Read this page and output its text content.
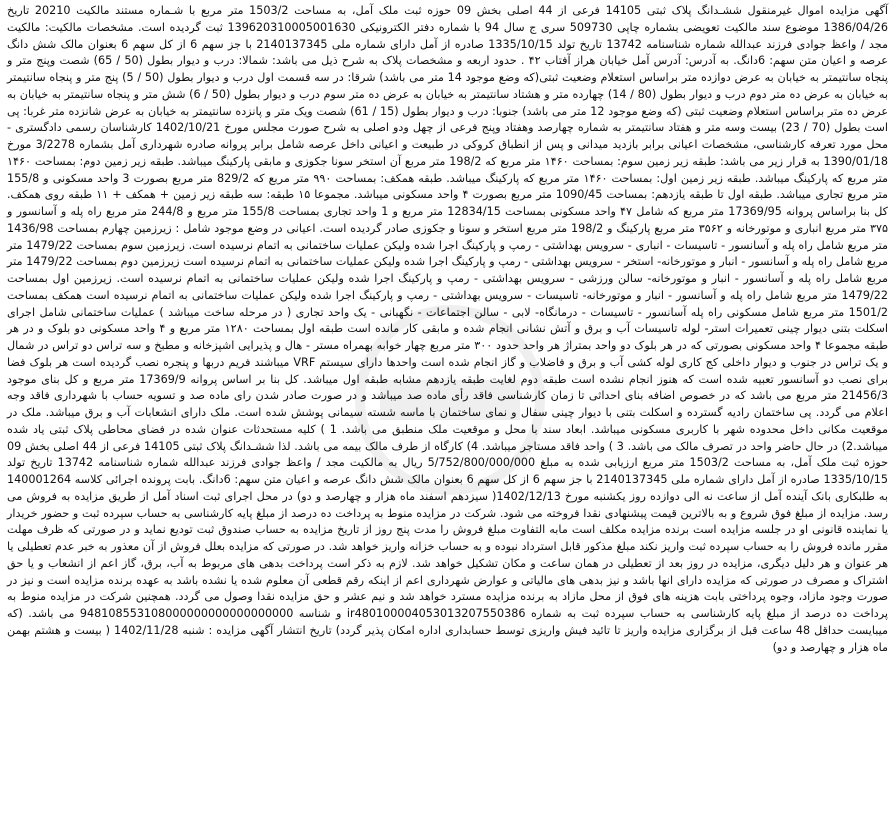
آگهی مزایده اموال غیرمنقول ششـدانگ پلاک ثبتی 14105 فرعی از 44 اصلی بخش 09 حوزه ثبت ملک آمل، به مساحت 1503/2 متر مربع با شـماره مستند مالکیت 20210 تاریخ 1386/04/26 موضوع سند مالکیت تعویضی بشماره چاپی 509730 سری ج سال 94 با شماره دفتر الکترونیکی 139620310005001630 ثبت گردیده است. مشخصات مالکیت: مالکیت مجد / واعظ جوادی فرزند عبدالله شماره شناسنامه 13742 تاریخ تولد 1335/10/15 صادره از آمل دارای شماره ملی 2140137345 با جز سهم 6 از کل سهم 6 بعنوان مالک شش دانگ عرصه و اعیان متن سهم: 6دانگ. به آدرس: آدرس آمل خیابان هراز آفتاب ۴۲ . حدود اربعه و مشخصات پلاک به شرح ذیل می باشد: شمالا: درب و دیوار بطول (50 / 65) شصت وپنج متر و پنجاه سانتیمتر به خیابان به عرض دوازده متر براساس استعلام وضعیت ثبتی(که وضع موجود 14 متر می باشد) شرقا: در سه قسمت اول درب و دیوار بطول (50 / 5) پنج متر و پنجاه سانتیمتر به خیابان به عرض ده متر دوم درب و دیوار بطول (80 / 14) چهارده متر و هشتاد سانتیمتر به خیابان به عرض ده متر سوم درب و دیوار بطول (50 / 6) شش متر و پنجاه سانتیمتر به خیابان به عرض ده متر براساس استعلام وضعیت ثبتی (که وضع موجود 12 متر می باشد) جنوبا: درب و دیوار بطول (15 / 61) شصت ویک متر و پانزده سانتیمتر به خیابان به عرض شانزده متر غربا: پی است بطول (70 / 23) بیست وسه متر و هفتاد سانتیمتر به شماره چهارصد وهفتاد وپنج فرعی از چهل ودو اصلی به شرح صورت مجلس مورخ 1402/10/21 کارشناسان رسمی دادگستری - محل مورد تعرفه کارشناسی، مشخصات اعیانی برابر بازدید میدانی و پس از انطباق کروکی در طبیعت و اعیانی داخل عرصه شامل برابر پروانه صادره شهرداری آمل بشماره 3/2278 مورخ 1390/01/18 به قرار زیر می باشد: طبقه زیر زمین سوم: بمساحت ۱۴۶۰ متر مربع که 198/2 متر مربع آن استخر سونا جکوزی و مابقی پارکینگ میباشد. طبقه زیر زمین دوم: بمساحت ۱۴۶۰ متر مربع که پارکینگ میباشد. طبقه زیر زمین اول: بمساحت ۱۴۶۰ متر مربع که پارکینگ میباشد. طبقه همکف: بمساحت ۹۹۰ متر مربع که 829/2 متر مربع بصورت 3 واحد مسکونی و 155/8 متر مربع تجاری میباشد. طبقه اول تا طبقه یازدهم: بمساحت 1090/45 متر مربع بصورت ۴ واحد مسکونی میباشد. مجموعا ۱۵ طبقه: سه طبقه زیر زمین + همکف + ۱۱ طبقه روی همکف. کل بنا براساس پروانه 17369/95 متر مربع که شامل ۴۷ واحد مسکونی بمساحت 12834/15 متر مربع و 1 واحد تجاری بمساحت 155/8 متر مربع و 244/8 متر مربع راه پله و آسانسور و ۳۷۵ متر مربع انباری و موتورخانه و ۳۵۶۲ متر مربع پارکینگ و 198/2 متر مربع استخر و سونا و جکوزی صادر گردیده است. اعیانی در وضع موجود شامل : زیرزمین چهارم بمساحت 1436/98 متر مربع شامل راه پله و آسانسور - تاسیسات - انباری - سرویس بهداشتی - رمپ و پارکینگ اجرا شده ولیکن عملیات ساختمانی به اتمام نرسیده است. زیرزمین سوم بمساحت 1479/22 متر مربع شامل راه پله و آسانسور - انبار و موتورخانه- استخر - سرویس بهداشتی - رمپ و پارکینگ اجرا شده ولیکن عملیات ساختمانی به اتمام نرسیده است زیرزمین دوم بمساحت 1479/22 متر مربع شامل راه پله و آسانسور - انبار و موتورخانه- سالن ورزشی - سرویس بهداشتی - رمپ و پارکینگ اجرا شده ولیکن عملیات ساختمانی به اتمام نرسیده است. زیرزمین اول بمساحت 1479/22 متر مربع شامل راه پله و آسانسور - انبار و موتورخانه- تاسیسات - سرویس بهداشتی - رمپ و پارکینگ اجرا شده ولیکن عملیات ساختمانی به اتمام نرسیده است همکف بمساحت 1501/2 متر مربع شامل مسکونی راه پله آسانسور - تاسیسات - درمانگاه- لابی - سالن اجتماعات - نگهبانی - یک واحد تجاری ( در مرحله ساخت میباشد ) عملیات ساختمانی شامل اجرای اسکلت بتنی دیوار چینی تعمیرات استر- لوله تاسیسات آب و برق و آتش نشانی انجام شده و مابقی کار مانده است طبقه اول بمساحت ۱۲۸۰ متر مربع و ۴ واحد مسکونی دو بلوک و در هر طبقه مجموعا ۴ واحد مسکونی بصورتی که در هر بلوک دو واحد بمتراژ هر واحد حدود ۳۰۰ متر مربع چهار خوابه بهمراه مستر - هال و پذیرایی اشپزخانه و مطبخ و سه تراس دو تراس در شمال و یک تراس در جنوب و دیوار داخلی کج کاری لوله کشی آب و برق و فاضلاب و گاز انجام شده است واحدها دارای سیستم VRF میباشند فریم دربها و پنجره نصب گردیده است هر بلوک فضا برای نصب دو آسانسور تعبیه شده است که هنوز انجام نشده است طبقه دوم لغایت طبقه یازدهم مشابه طبقه اول میباشد. کل بنا بر اساس پروانه 17369/9 متر مربع و کل بنای موجود 21456/3 متر مربع می باشد که در خصوص اضافه بنای احداثی تا زمان کارشناسی فاقد رأی ماده صد میباشد و در صورت صادر شدن رای ماده صد و تسویه حساب با شهرداری فاقد وجه اعلام می گردد. پی ساختمان راديه گسترده و اسکلت بتنی با دیوار چینی سفال و نمای ساختمان با ماسه شسته سیمانی پوشش شده است. ملک دارای انشعابات آب و برق میباشد. ملک در موقعیت مکانی داخل محدوده شهر با کاربری مسکونی میباشد. ابعاد سند با محل و موقعیت ملک منطبق می باشد. 1 ) کلیه مستحدثات عنوان شده در فضای محاطی پلاک ثبتی یاد شده میباشد.2) در حال حاضر واحد در تصرف مالک می باشد. 3 ) واحد فاقد مستاجر میباشد. 4) کارگاه از طرف مالک بیمه می باشد. لذا ششـدانگ پلاک ثبتی 14105 فرعی از 44 اصلی بخش 09 حوزه ثبت ملک آمل، به مساحت 1503/2 متر مربع ارزیابی شده به مبلغ 5/752/800/000/000 ریال به مالکیت مجد / واعظ جوادی فرزند عبدالله شماره شناسنامه 13742 تاریخ تولد 1335/10/15 صادره از آمل دارای شماره ملی 2140137345 با جز سهم 6 از کل سهم 6 بعنوان مالک شش دانگ عرصه و اعیان متن سهم: 6دانگ. بابت پرونده اجرائی کلاسه 140001264 به طلبکاری بانک آینده آمل از ساعت نه الی دوازده روز یکشنبه مورخ 1402/12/13( سیزدهم اسفند ماه هزار و چهارصد و دو) در محل اجرای ثبت اسناد آمل از طریق مزایده به فروش می رسد. مزایده از مبلغ فوق شروع و به بالاترین قیمت پیشنهادی نقدا فروخته می شود. شرکت در مزایده منوط به پرداخت ده درصد از مبلغ پایه کارشناسی به حساب سپرده ثبت و حضور خریدار یا نماینده قانونی او در جلسه مزایده است برنده مزایده مکلف است مابه التفاوت مبلغ فروش را مدت پنج روز از تاریخ مزایده به حساب صندوق ثبت تودیع نماید و در صورتی که ظرف مهلت مقرر مانده فروش را به حساب سپرده ثبت واریز نکند مبلغ مذکور قابل استرداد نبوده و به حساب خزانه واریز خواهد شد. در صورتی که مزایده بعلل فروش از آن معذور به خبر عدم تعطیلی یا هر عنوان و هر دلیل دیگری، مزایده در روز بعد از تعطیلی در همان ساعت و مکان تشکیل خواهد شد. لازم به ذکر است پرداخت بدهی های مربوط به آب، برق، گاز اعم از انشعاب و یا حق اشتراک و مصرف در صورتی که مزایده دارای انها باشد و نیز بدهی های مالیاتی و عوارض شهرداری اعم از اینکه رقم قطعی آن معلوم شده یا نشده باشد به عهده برنده مزایده است و نیز در صورت وجود مازاد، وجوه پرداختی بابت هزینه های فوق از محل مازاد به برنده مزایده مسترد خواهد شد و نیم عشر و حق مزایده نقدا وصول می گردد. همچنین شرکت در مزایده منوط به پرداخت ده درصد از مبلغ پایه کارشناسی به حساب سپرده ثبت به شماره ir480100004053013207550386 و شناسه 948108553108000000000000000000 می باشد. (که میبایست حداقل 48 ساعت قبل از برگزاری مزایده واریز تا تائید فیش واریزی توسط حسابداری اداره امکان پذیر گردد) تاریخ انتشار آگهی مزایده : شنبه 1402/11/28 ( بیست و هشتم بهمن ماه هزار و چهارصد و دو)
